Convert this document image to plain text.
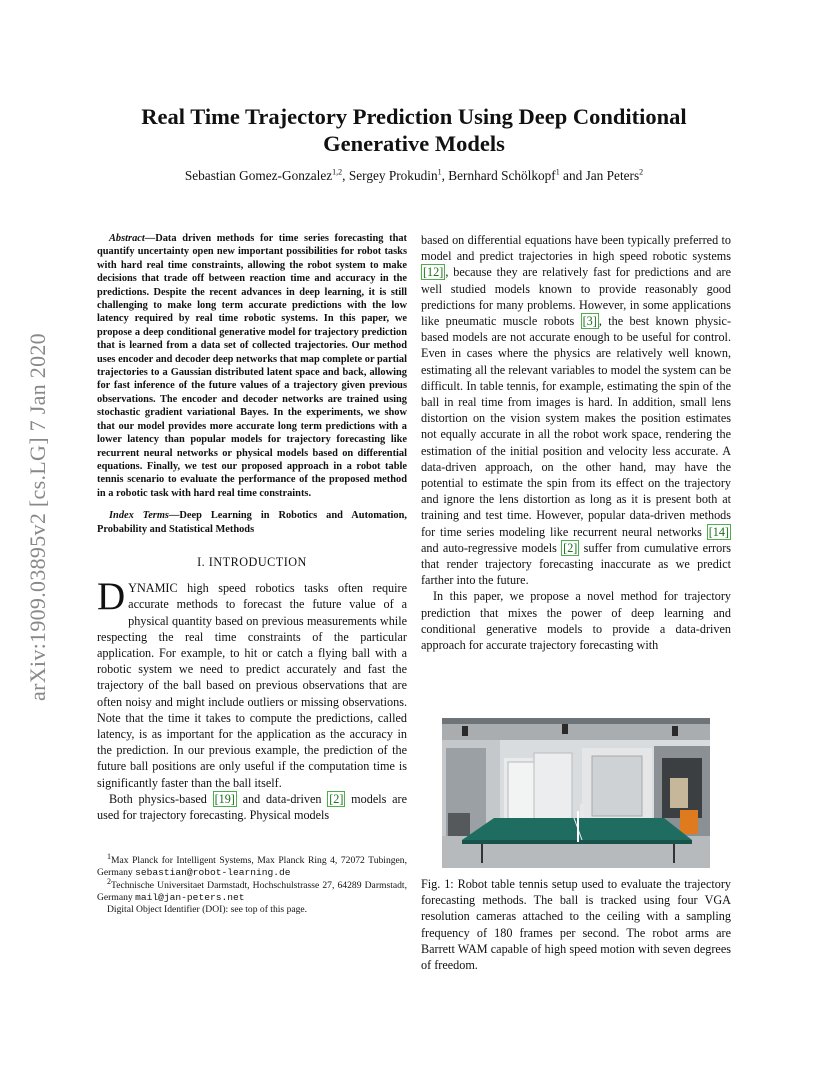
arXiv:1909.03895v2 [cs.LG] 7 Jan 2020
Real Time Trajectory Prediction Using Deep Conditional
Generative Models
Sebastian Gomez-Gonzalez$^{1,2}$, Sergey Prokudin$^1$, Bernhard Schölkopf$^1$ and Jan Peters$^2$
Abstract—Data driven methods for time series forecasting that quantify uncertainty open new important possibilities for robot tasks with hard real time constraints, allowing the robot system to make decisions that trade off between reaction time and accuracy in the predictions. Despite the recent advances in deep learning, it is still challenging to make long term accurate predictions with the low latency required by real time robotic systems. In this paper, we propose a deep conditional generative model for trajectory prediction that is learned from a data set of collected trajectories. Our method uses encoder and decoder deep networks that map complete or partial trajectories to a Gaussian distributed latent space and back, allowing for fast inference of the future values of a trajectory given previous observations. The encoder and decoder networks are trained using stochastic gradient variational Bayes. In the experiments, we show that our model provides more accurate long term predictions with a lower latency than popular models for trajectory forecasting like recurrent neural networks or physical models based on differential equations. Finally, we test our proposed approach in a robot table tennis scenario to evaluate the performance of the proposed method in a robotic task with hard real time constraints.
Index Terms—Deep Learning in Robotics and Automation, Probability and Statistical Methods
I. INTRODUCTION

DYNAMIC high speed robotics tasks often require accurate methods to forecast the future value of a physical quantity based on previous measurements while respecting the real time constraints of the particular application. For example, to hit or catch a flying ball with a robotic system we need to predict accurately and fast the trajectory of the ball based on previous observations that are often noisy and might include outliers or missing observations. Note that the time it takes to compute the predictions, called latency, is as important for the application as the accuracy in the prediction. In our previous example, the prediction of the future ball positions are only useful if the computation time is significantly faster than the ball itself.

Both physics-based [19] and data-driven [2] models are used for trajectory forecasting. Physical models

$^1$Max Planck for Intelligent Systems, Max Planck Ring 4, 72072 Tubingen, Germany sebastian@robot-learning.de
$^2$Technische Universitaet Darmstadt, Hochschulstrasse 27, 64289 Darmstadt, Germany mail@jan-peters.net
Digital Object Identifier (DOI): see top of this page.

based on differential equations have been typically preferred to model and predict trajectories in high speed robotic systems [12] , because they are relatively fast for predictions and are well studied models known to provide reasonably good predictions for many problems. However, in some applications like pneumatic muscle robots [3] , the best known physic-based models are not accurate enough to be useful for control. Even in cases where the physics are relatively well known, estimating all the relevant variables to model the system can be difficult. In table tennis, for example, estimating the spin of the ball in real time from images is hard. In addition, small lens distortion on the vision system makes the position estimates not equally accurate in all the robot work space, rendering the estimation of the initial position and velocity less accurate. A data-driven approach, on the other hand, may have the potential to estimate the spin from its effect on the trajectory and ignore the lens distortion as long as it is present both at training and test time. However, popular data-driven methods for time series modeling like recurrent neural networks [14] and auto-regressive models [2] suffer from cumulative errors that render trajectory forecasting inaccurate as we predict farther into the future.

In this paper, we propose a novel method for trajectory prediction that mixes the power of deep learning and conditional generative models to provide a data-driven approach for accurate trajectory forecasting with

Fig. 1: Robot table tennis setup used to evaluate the trajectory forecasting methods. The ball is tracked using four VGA resolution cameras attached to the ceiling with a sampling frequency of 180 frames per second. The robot arms are Barrett WAM capable of high speed motion with seven degrees of freedom.
